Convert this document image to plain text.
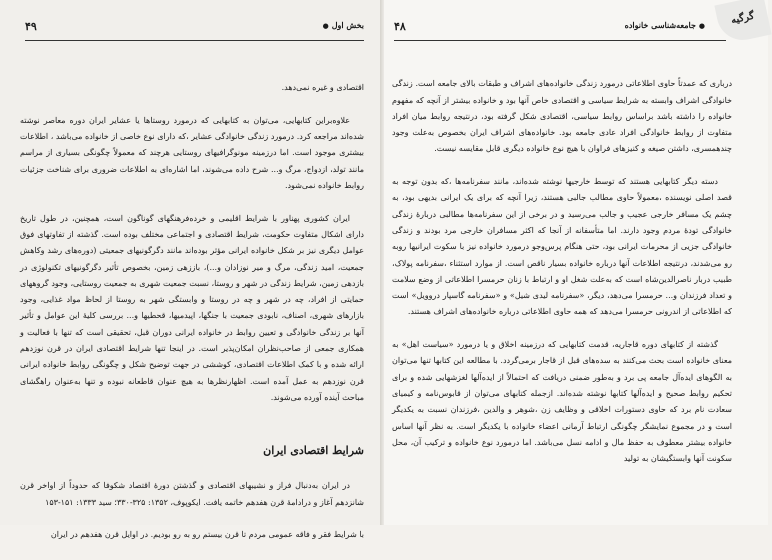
بخش اول●
۴۹

اقتصادی و غیره نمی‌دهد.

علاوه‌براین کتابهایی، می‌توان به کتابهایی که درمورد روستاها یا عشایر ایران دوره معاصر نوشته شده‌اند مراجعه کرد. درمورد زندگی خانوادگی عشایر ،که دارای نوع خاصی از خانواده می‌باشد ، اطلاعات بیشتری موجود است. اما درزمینه مونوگرافیهای روستایی هرچند که معمولاً چگونگی بسیاری از مراسم مانند تولد، ازدواج، مرگ و... شرح داده می‌شوند، اما اشاره‌ای به اطلاعات ضروری برای شناخت جزئیات روابط خانواده نمی‌شود.

ایران کشوری پهناور با شرایط اقلیمی و خرده‌فرهنگهای گوناگون است، همچنین، در طول تاریخ دارای اشکال متفاوت حکومت، شرایط اقتصادی و اجتماعی مختلف بوده است. گذشته از تفاوتهای فوق عوامل دیگری نیز بر شکل خانواده ایرانی مؤثر بوده‌اند مانند دگرگونیهای جمعیتی (دوره‌های رشد وکاهش جمعیت، امید زندگی، مرگ و میر نوزادان و...)، باززهی زمین، بخصوص تأثیر دگرگونیهای تکنولوژی در بازدهی زمین، شرایط زندگی در شهر و روستا، نسبت جمعیت شهری به جمعیت روستایی، وجود گروههای حمایتی از افراد، چه در شهر و چه در روستا و وابستگی شهر به روستا از لحاظ مواد غذایی، وجود بازارهای شهری، اصناف، نابودی جمعیت با جنگها، اپیدمیها، قحطیها و... بررسی کلیهٔ این عوامل و تأثیر آنها بر زندگی خانوادگی و تعیین روابط در خانواده ایرانی دوران قبل، تحقیقی است که تنها با فعالیت و همکاری جمعی از صاحب‌نظران امکان‌پذیر است. در اینجا تنها شرایط اقتصادی ایران در قرن نوزدهم ارائه شده و با کمک اطلاعات اقتصادی، کوششی در جهت توضیح شکل و چگونگی روابط خانواده ایرانی قرن نوزدهم به عمل آمده است. اظهارنظرها به هیچ عنوان قاطعانه نبوده و تنها به‌عنوان راهگشای مباحث آینده آورده می‌شوند.

شرایط اقتصادی ایران

در ایران به‌دنبال فراز و نشیبهای اقتصادی و گذشتن دورهٔ اقتصاد شکوفا که حدوداً از اواخر قرن شانزدهم آغاز و درادامهٔ قرن هفدهم خاتمه یافت. ایکوپوف، ۱۳۵۲: ۳۲۵-۳۳۰؛ سید ۱۳۳۳: ۱۵۱-۱۵۳

با شرایط فقر و فاقه عمومی مردم تا قرن بیستم رو به رو بودیم. در اوایل قرن هفدهم در ایران

گرگیه
●جامعه‌شناسی خانواده
۴۸

درباری که عمدتاً حاوی اطلاعاتی درمورد زندگی خانواده‌های اشراف و طبقات بالای جامعه است. زندگی خانوادگی اشراف وابسته به شرایط سیاسی و اقتصادی خاص آنها بود و خانواده بیشتر از آنچه که مفهوم خانواده را داشته باشد براساس روابط سیاسی، اقتصادی شکل گرفته بود، درنتیجه روابط میان افراد متفاوت از روابط خانوادگی افراد عادی جامعه بود. خانواده‌های اشراف ایران بخصوص به‌علت وجود چندهمسری، داشتن صیغه و کنیزهای فراوان با هیچ نوع خانواده دیگری قابل مقایسه نیست.

دسته دیگر کتابهایی هستند که توسط خارجیها نوشته شده‌اند، مانند سفرنامه‌ها ،که بدون توجه به قصد اصلی نویسنده ،معمولاً حاوی مطالب جالبی هستند، زیرا آنچه که برای یک ایرانی بدیهی بود، به چشم یک مسافر خارجی عجیب و جالب می‌رسید و در برخی از این سفرنامه‌ها مطالبی دربارهٔ زندگی خانوادگی تودهٔ مردم وجود دارند. اما متأسفانه از آنجا که اکثر مسافران خارجی مرد بودند و زندگی خانوادگی جزیی از محرمات ایرانی بود، حتی هنگام پرس‌وجو درمورد خانواده نیز با سکوت ایرانیها روبه رو می‌شدند، درنتیجه اطلاعات آنها درباره خانواده بسیار ناقص است. از موارد استثناء ،سفرنامه پولاک، طبیب دربار ناصرالدین‌شاه است که به‌علت شغل او و ارتباط با زنان حرمسرا اطلاعاتی از وضع سلامت و تعداد فرزندان و... حرمسرا می‌دهد، دیگر، «سفرنامه لیدی شیل» و «سفرنامه گاسپار دروویل» است که اطلاعاتی از اندرونی حرمسرا می‌دهد که همه حاوی اطلاعاتی درباره خانواده‌های اشراف هستند.

گذشته از کتابهای دوره قاجاریه، قدمت کتابهایی که درزمینه اخلاق و یا درمورد «سیاست اهل» به معنای خانواده است بحث می‌کنند به سده‌های قبل از قاجار برمی‌گردد. با مطالعه این کتابها تنها می‌توان به الگوهای ایده‌آل جامعه پی برد و به‌طور ضمنی دریافت که احتمالاً از ایده‌آلها لغزشهایی شده و برای تحکیم روابط صحیح و ایده‌آلها کتابها نوشته شده‌اند. ازجمله کتابهای می‌توان از قابوس‌نامه و کیمیای سعادت نام برد که حاوی دستورات اخلاقی و وظایف زن ،شوهر و والدین ،فرزندان نسبت به یکدیگر است و در مجموع نمایشگر چگونگی ارتباط آرمانی اعضاء خانواده با یکدیگر است. به نظر آنها اساس خانواده بیشتر معطوف به حفظ مال و ادامه نسل می‌باشد. اما درمورد نوع خانواده و ترکیب آن، محل سکونت آنها وابستگیشان به تولید
